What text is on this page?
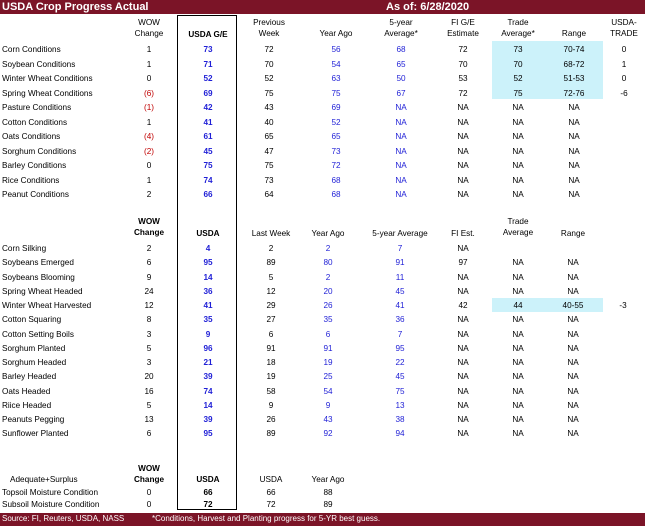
USDA Crop Progress Actual	As of: 6/28/2020
WOW
Change	USDA G/E
Previous
Week	Year Ago
5-year
Average*
FI G/E
Estimate
Trade
Average*	Range
USDA-
TRADE
Corn Conditions	1	73	72	56	68	72	73	70-74	0
Soybean Conditions	1	71	70	54	65	70	70	68-72	1
Winter Wheat Conditions	0	52	52	63	50	53	52	51-53	0
Spring Wheat Conditions	(6)	69	75	75	67	72	75	72-76	-6
Pasture Conditions	(1)	42	43	69	NA	NA	NA	NA
Cotton Conditions	1	41	40	52	NA	NA	NA	NA
Oats Conditions	(4)	61	65	65	NA	NA	NA	NA
Sorghum Conditions	(2)	45	47	73	NA	NA	NA	NA
Barley Conditions	0	75	75	72	NA	NA	NA	NA
Rice Conditions	1	74	73	68	NA	NA	NA	NA
Peanut Conditions	2	66	64	68	NA	NA	NA	NA
WOW
Change	USDA	Last Week	Year Ago	5-year Average	FI Est.
Trade
Average	Range
Corn Silking	2	4	2	2	7	NA
Soybeans Emerged	6	95	89	80	91	97	NA	NA
Soybeans Blooming	9	14	5	2	11	NA	NA	NA
Spring Wheat Headed	24	36	12	20	45	NA	NA	NA
Winter Wheat Harvested	12	41	29	26	41	42	44	40-55	-3
Cotton Squaring	8	35	27	35	36	NA	NA	NA
Cotton Setting Boils	3	9	6	6	7	NA	NA	NA
Sorghum Planted	5	96	91	91	95	NA	NA	NA
Sorghum Headed	3	21	18	19	22	NA	NA	NA
Barley Headed	20	39	19	25	45	NA	NA	NA
Oats Headed	16	74	58	54	75	NA	NA	NA
Riice Headed	5	14	9	9	13	NA	NA	NA
Peanuts Pegging	13	39	26	43	38	NA	NA	NA
Sunflower Planted	6	95	89	92	94	NA	NA	NA
Adequate+Surplus
WOW
Change	USDA	USDA	Year Ago
Topsoil Moisture Condition	0	66	66	88
Subsoil Moisture Condition	0	72	72	89
Source: FI, Reuters, USDA, NASS	*Conditions, Harvest and Planting progress for 5-YR best guess.
